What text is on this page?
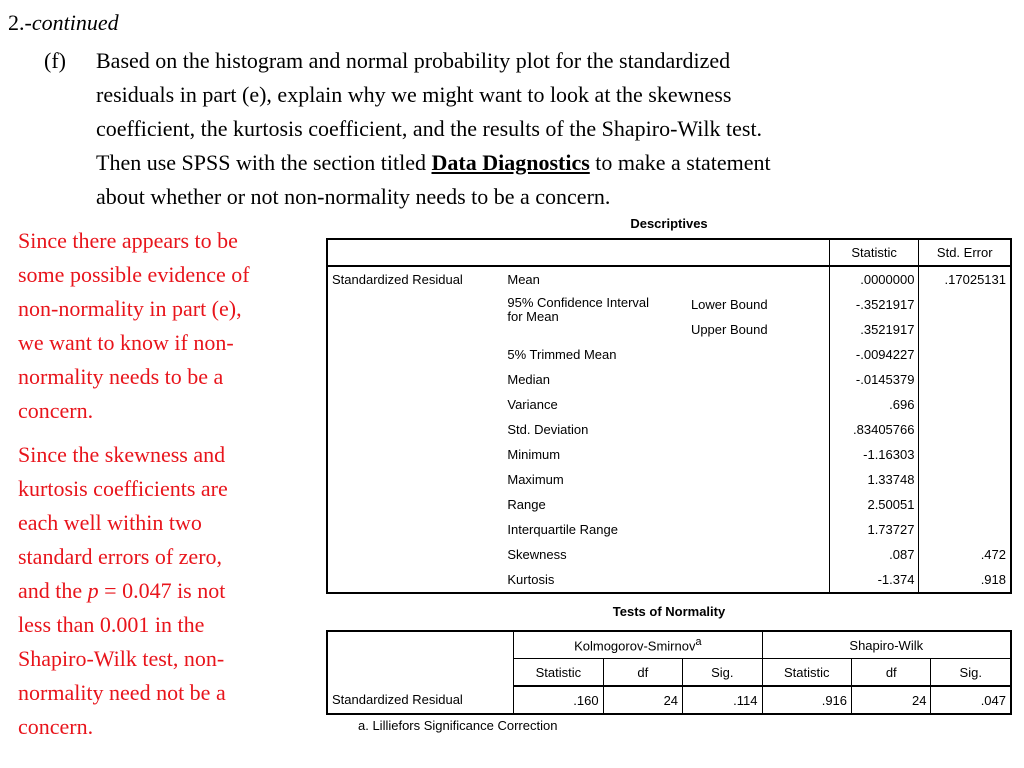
2.-continued
(f) Based on the histogram and normal probability plot for the standardized
residuals in part (e), explain why we might want to look at the skewness
coefficient, the kurtosis coefficient, and the results of the Shapiro-Wilk test.
Then use SPSS with the section titled Data Diagnostics to make a statement
about whether or not non-normality needs to be a concern.
Since there appears to be
some possible evidence of
non-normality in part (e),
we want to know if non-
normality needs to be a
concern.
Since the skewness and
kurtosis coefficients are
each well within two
standard errors of zero,
and the p = 0.047 is not
less than 0.001 in the
Shapiro-Wilk test, non-
normality need not be a
concern.
Descriptives
			Statistic	Std. Error
Standardized Residual	Mean		.0000000	.17025131
	95% Confidence Interval
for Mean	Lower Bound	-.3521917	
		Upper Bound	.3521917	
	5% Trimmed Mean		-.0094227	
	Median		-.0145379	
	Variance		.696	
	Std. Deviation		.83405766	
	Minimum		-1.16303	
	Maximum		1.33748	
	Range		2.50051	
	Interquartile Range		1.73727	
	Skewness		.087	.472
	Kurtosis		-1.374	.918
Tests of Normality
	Kolmogorov-Smirnov$^a$			Shapiro-Wilk		
	Statistic	df	Sig.	Statistic	df	Sig.
Standardized Residual	.160	24	.114	.916	24	.047
a. Lilliefors Significance Correction
